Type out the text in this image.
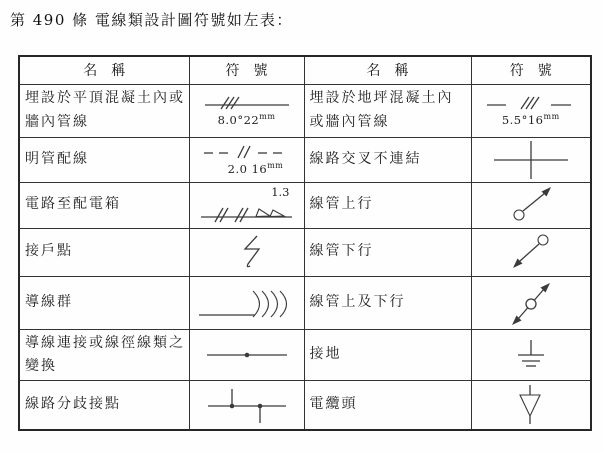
第 490 條 電線類設計圖符號如左表：
名　稱	符　號	名　稱	符　號
埋設於平頂混凝土內或牆內管線	$8.0^\circ 22^{mm}$	埋設於地坪混凝土內或牆內管線	$5.5^\circ 16^{mm}$

明管配線	2.0 $16^{mm}$	線路交叉不連結	

電路至配電箱	1.3	線管上行	

接戶點		線管下行	

導線群		線管上及下行	

導線連接或線徑線類之變換		接地	

線路分歧接點		電纜頭	
